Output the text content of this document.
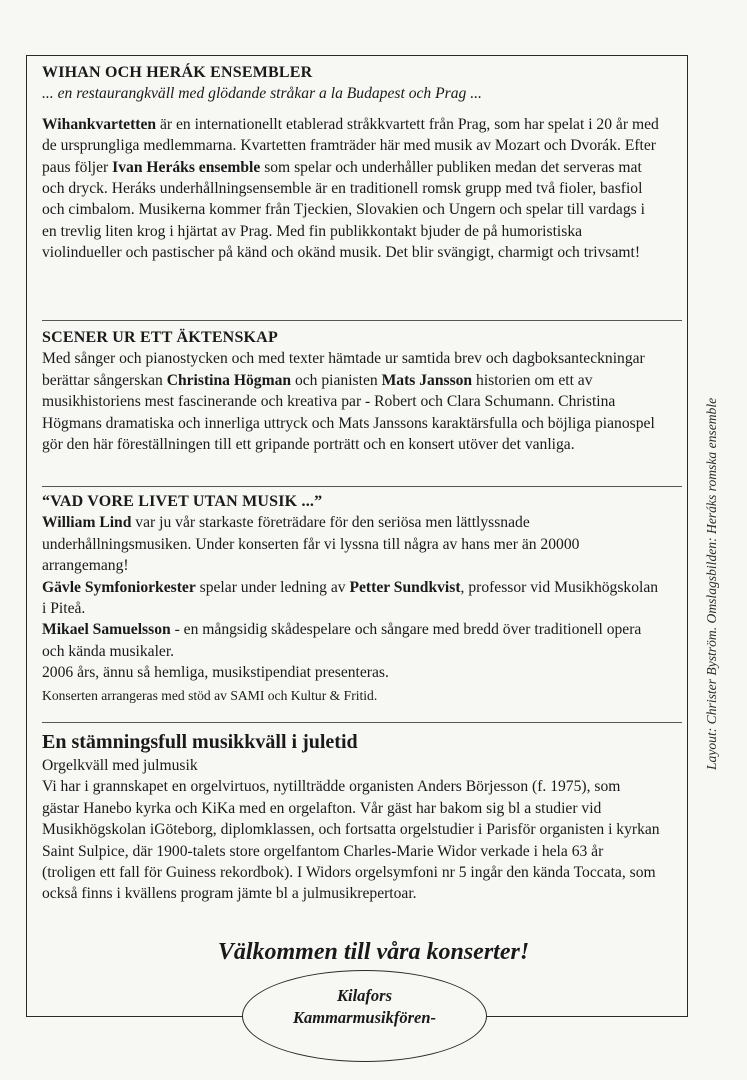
WIHAN OCH HERÁK ENSEMBLER
... en restaurangkväll med glödande stråkar a la Budapest och Prag ...
Wihankvartetten är en internationellt etablerad stråkkvartett från Prag, som har spelat i 20 år med de ursprungliga medlemmarna. Kvartetten framträder här med musik av Mozart och Dvorák. Efter paus följer Ivan Heráks ensemble som spelar och underhåller publiken medan det serveras mat och dryck. Heráks underhållningsensemble är en traditionell romsk grupp med två fioler, basfiol och cimbalom. Musikerna kommer från Tjeckien, Slovakien och Ungern och spelar till vardags i en trevlig liten krog i hjärtat av Prag. Med fin publikkontakt bjuder de på humoristiska violindueller och pastischer på känd och okänd musik. Det blir svängigt, charmigt och trivsamt!
SCENER UR ETT ÄKTENSKAP
Med sånger och pianostycken och med texter hämtade ur samtida brev och dagboksanteckningar berättar sångerskan Christina Högman och pianisten Mats Jansson historien om ett av musikhistoriens mest fascinerande och kreativa par - Robert och Clara Schumann. Christina Högmans dramatiska och innerliga uttryck och Mats Janssons karaktärsfulla och böjliga pianospel gör den här föreställningen till ett gripande porträtt och en konsert utöver det vanliga.
“VAD VORE LIVET UTAN MUSIK ...”
William Lind var ju vår starkaste företrädare för den seriösa men lättlyssnade underhållningsmusiken. Under konserten får vi lyssna till några av hans mer än 20000 arrangemang!
Gävle Symfoniorkester spelar under ledning av Petter Sundkvist, professor vid Musikhögskolan i Piteå.
Mikael Samuelsson - en mångsidig skådespelare och sångare med bredd över traditionell opera och kända musikaler.
2006 års, ännu så hemliga, musikstipendiat presenteras.
Konserten arrangeras med stöd av SAMI och Kultur & Fritid.
En stämningsfull musikkväll i juletid
Orgelkväll med julmusik
Vi har i grannskapet en orgelvirtuos, nytillträdde organisten Anders Börjesson (f. 1975), som gästar Hanebo kyrka och KiKa med en orgelafton. Vår gäst har bakom sig bl a studier vid Musikhögskolan iGöteborg, diplomklassen, och fortsatta orgelstudier i Parisför organisten i kyrkan Saint Sulpice, där 1900-talets store orgelfantom Charles-Marie Widor verkade i hela 63 år (troligen ett fall för Guiness rekordbok). I Widors orgelsymfoni nr 5 ingår den kända Toccata, som också finns i kvällens program jämte bl a julmusikrepertoar.
Välkommen till våra konserter!
Kilafors
Kammarmusikfören-
Layout: Christer Byström. Omslagsbilden: Heráks romska ensemble
